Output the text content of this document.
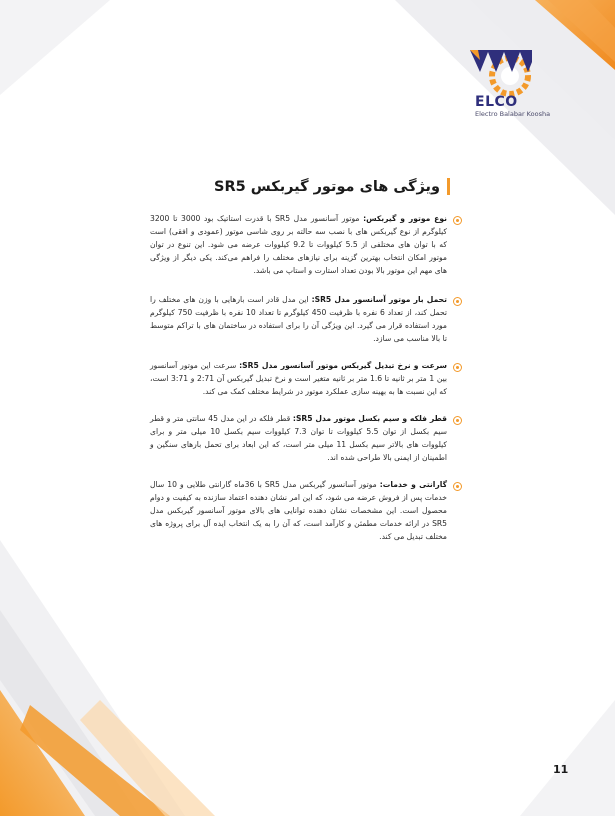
ELCO
Electro Balabar Koosha
ویژگی های موتور گیربکس SR5
نوع موتور و گیربکس: موتور آسانسور مدل SR5 با قدرت استاتیک بود 3000 تا 3200 کیلوگرم از نوع گیربکس های با نصب سه حالته بر روی شاسی موتور (عمودی و افقی) است که با توان های مختلفی از 5.5 کیلووات تا 9.2 کیلووات عرضه می شود. این تنوع در توان موتور امکان انتخاب بهترین گزینه برای نیازهای مختلف را فراهم می‌کند. یکی دیگر از ویژگی های مهم این موتور بالا بودن تعداد استارت و استاپ می باشد.
تحمل بار موتور آسانسور مدل SR5: این مدل قادر است بارهایی با وزن های مختلف را تحمل کند، از تعداد 6 نفره با ظرفیت 450 کیلوگرم تا تعداد 10 نفره با ظرفیت 750 کیلوگرم مورد استفاده قرار می گیرد. این ویژگی آن را برای استفاده در ساختمان های با تراکم متوسط تا بالا مناسب می سازد.
سرعت و نرخ تبدیل گیربکس موتور آسانسور مدل SR5: سرعت این موتور آسانسور بین 1 متر بر ثانیه تا 1.6 متر بر ثانیه متغیر است و نرخ تبدیل گیربکس آن 2:71 و 3:71 است، که این نسبت ها به بهینه سازی عملکرد موتور در شرایط مختلف کمک می کند.
قطر فلکه و سیم بکسل موتور مدل SR5: قطر فلکه در این مدل 45 سانتی متر و قطر سیم بکسل از توان 5.5 کیلووات تا توان 7.3 کیلووات سیم بکسل 10 میلی متر و برای کیلووات های بالاتر سیم بکسل 11 میلی متر است، که این ابعاد برای تحمل بارهای سنگین و اطمینان از ایمنی بالا طراحی شده اند.
گارانتی و خدمات: موتور آسانسور گیربکس مدل SR5 با 36ماه گارانتی طلایی و 10 سال خدمات پس از فروش عرضه می شود، که این امر نشان دهنده اعتماد سازنده به کیفیت و دوام محصول است. این مشخصات نشان دهنده توانایی های بالای موتور آسانسور گیربکس مدل SR5 در ارائه خدمات مطمئن و کارآمد است، که آن را به یک انتخاب ایده آل برای پروژه های مختلف تبدیل می کند.
11
